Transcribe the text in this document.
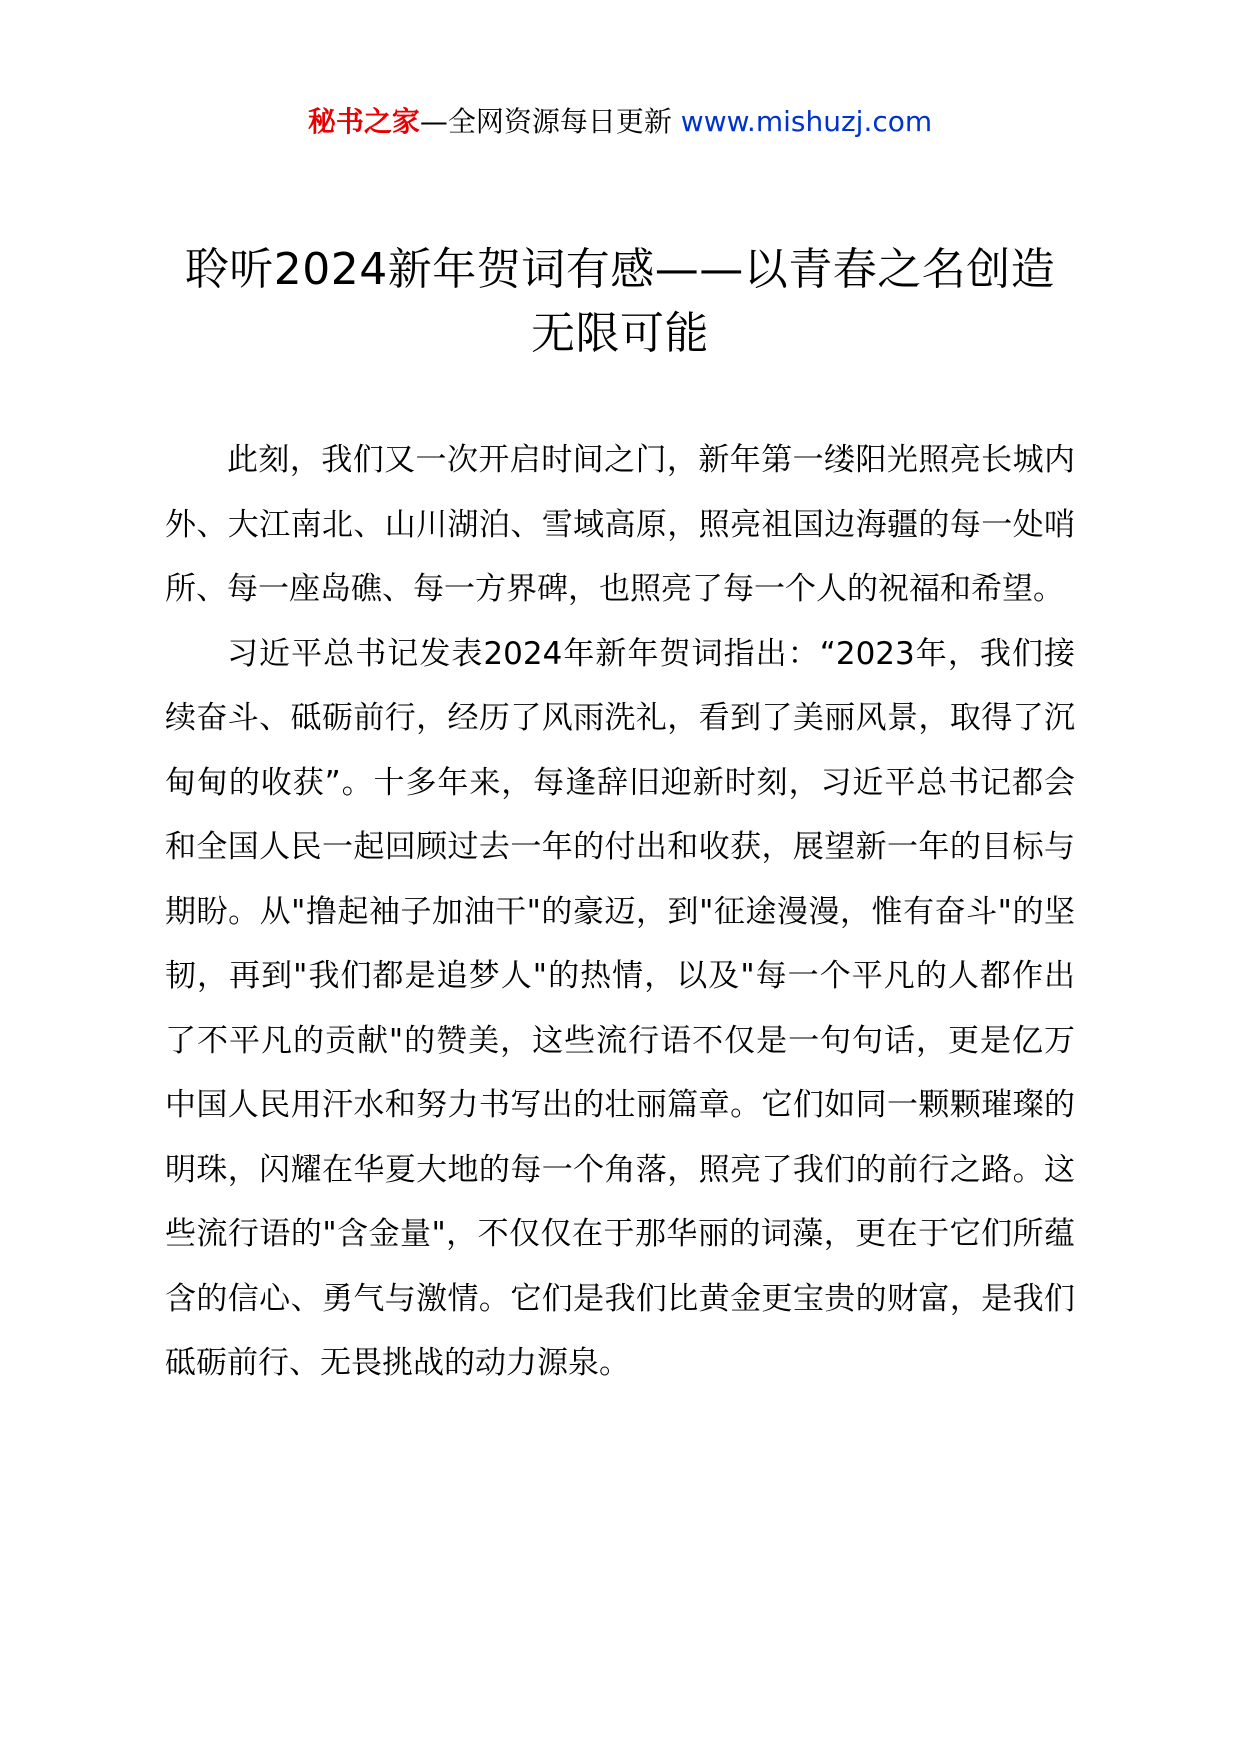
秘书之家—全网资源每日更新 www.mishuzj.com
聆听2024新年贺词有感——以青春之名创造无限可能

此刻，我们又一次开启时间之门，新年第一缕阳光照亮长城内外、大江南北、山川湖泊、雪域高原，照亮祖国边海疆的每一处哨所、每一座岛礁、每一方界碑，也照亮了每一个人的祝福和希望。

习近平总书记发表2024年新年贺词指出：“2023年，我们接续奋斗、砥砺前行，经历了风雨洗礼，看到了美丽风景，取得了沉甸甸的收获”。十多年来，每逢辞旧迎新时刻，习近平总书记都会和全国人民一起回顾过去一年的付出和收获，展望新一年的目标与期盼。从"撸起袖子加油干"的豪迈，到"征途漫漫，惟有奋斗"的坚韧，再到"我们都是追梦人"的热情，以及"每一个平凡的人都作出了不平凡的贡献"的赞美，这些流行语不仅是一句句话，更是亿万中国人民用汗水和努力书写出的壮丽篇章。它们如同一颗颗璀璨的明珠，闪耀在华夏大地的每一个角落，照亮了我们的前行之路。这些流行语的"含金量"，不仅仅在于那华丽的词藻，更在于它们所蕴含的信心、勇气与激情。它们是我们比黄金更宝贵的财富，是我们砥砺前行、无畏挑战的动力源泉。
